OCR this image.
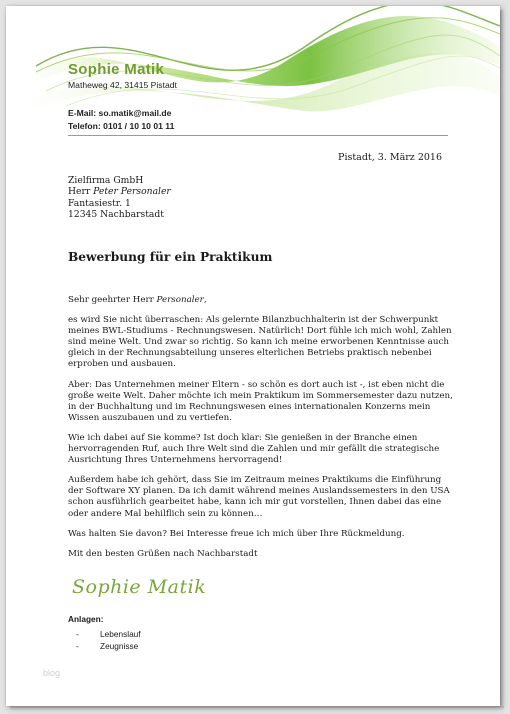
Sophie Matik
Matheweg 42, 31415 Pistadt
E-Mail: so.matik@mail.de
Telefon: 0101 / 10 10 01 11
Pistadt, 3. März 2016
Zielfirma GmbH
Herr Peter Personaler
Fantasiestr. 1
12345 Nachbarstadt
Bewerbung für ein Praktikum

Sehr geehrter Herr Personaler,

es wird Sie nicht überraschen: Als gelernte Bilanzbuchhalterin ist der Schwerpunkt meines BWL-Studiums - Rechnungswesen. Natürlich! Dort fühle ich mich wohl, Zahlen sind meine Welt. Und zwar so richtig. So kann ich meine erworbenen Kenntnisse auch gleich in der Rechnungsabteilung unseres elterlichen Betriebs praktisch nebenbei erproben und ausbauen.

Aber: Das Unternehmen meiner Eltern - so schön es dort auch ist -, ist eben nicht die große weite Welt. Daher möchte ich mein Praktikum im Sommersemester dazu nutzen, in der Buchhaltung und im Rechnungswesen eines internationalen Konzerns mein Wissen auszubauen und zu vertiefen.

Wie ich dabei auf Sie komme? Ist doch klar: Sie genießen in der Branche einen hervorragenden Ruf, auch Ihre Welt sind die Zahlen und mir gefällt die strategische Ausrichtung Ihres Unternehmens hervorragend!

Außerdem habe ich gehört, dass Sie im Zeitraum meines Praktikums die Einführung der Software XY planen. Da ich damit während meines Auslandssemesters in den USA schon ausführlich gearbeitet habe, kann ich mir gut vorstellen, Ihnen dabei das eine oder andere Mal behilflich sein zu können…

Was halten Sie davon? Bei Interesse freue ich mich über Ihre Rückmeldung.

Mit den besten Grüßen nach Nachbarstadt

Sophie Matik
Anlagen:
-	Lebenslauf
-	Zeugnisse
blog
